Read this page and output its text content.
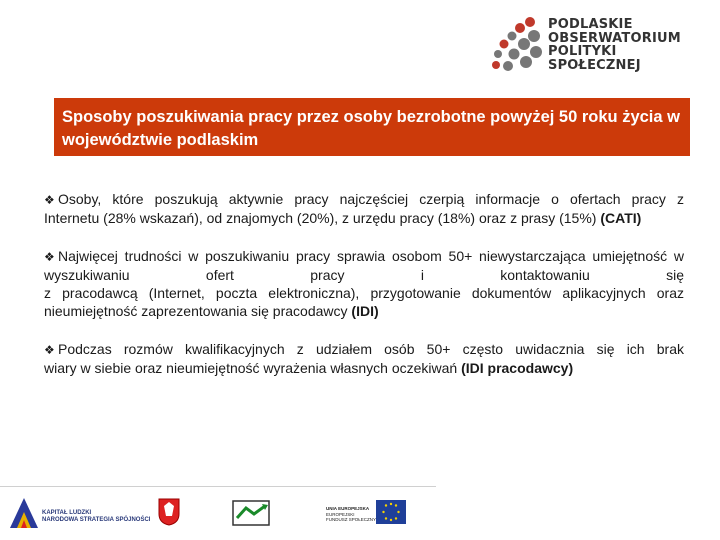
PODLASKIE
OBSERWATORIUM
POLITYKI
SPOŁECZNEJ
Sposoby poszukiwania pracy przez osoby bezrobotne powyżej 50 roku życia w województwie podlaskim

❖ Osoby, które poszukują aktywnie pracy najczęściej czerpią informacje o ofertach pracy z
Internetu (28% wskazań), od znajomych (20%), z urzędu pracy (18%) oraz z prasy (15%) (CATI)

❖ Najwięcej trudności w poszukiwaniu pracy sprawia osobom 50+ niewystarczająca umiejętność w wyszukiwaniu ofert pracy i kontaktowaniu się
z pracodawcą (Internet, poczta elektroniczna), przygotowanie dokumentów aplikacyjnych oraz nieumiejętność zaprezentowania się pracodawcy (IDI)

❖ Podczas rozmów kwalifikacyjnych z udziałem osób 50+ często uwidacznia się ich brak
wiary w siebie oraz nieumiejętność wyrażenia własnych oczekiwań (IDI pracodawcy)

KAPITAŁ LUDZKI
NARODOWA STRATEGIA SPÓJNOŚCI
UNIA EUROPEJSKA
EUROPEJSKI
FUNDUSZ SPOŁECZNY
